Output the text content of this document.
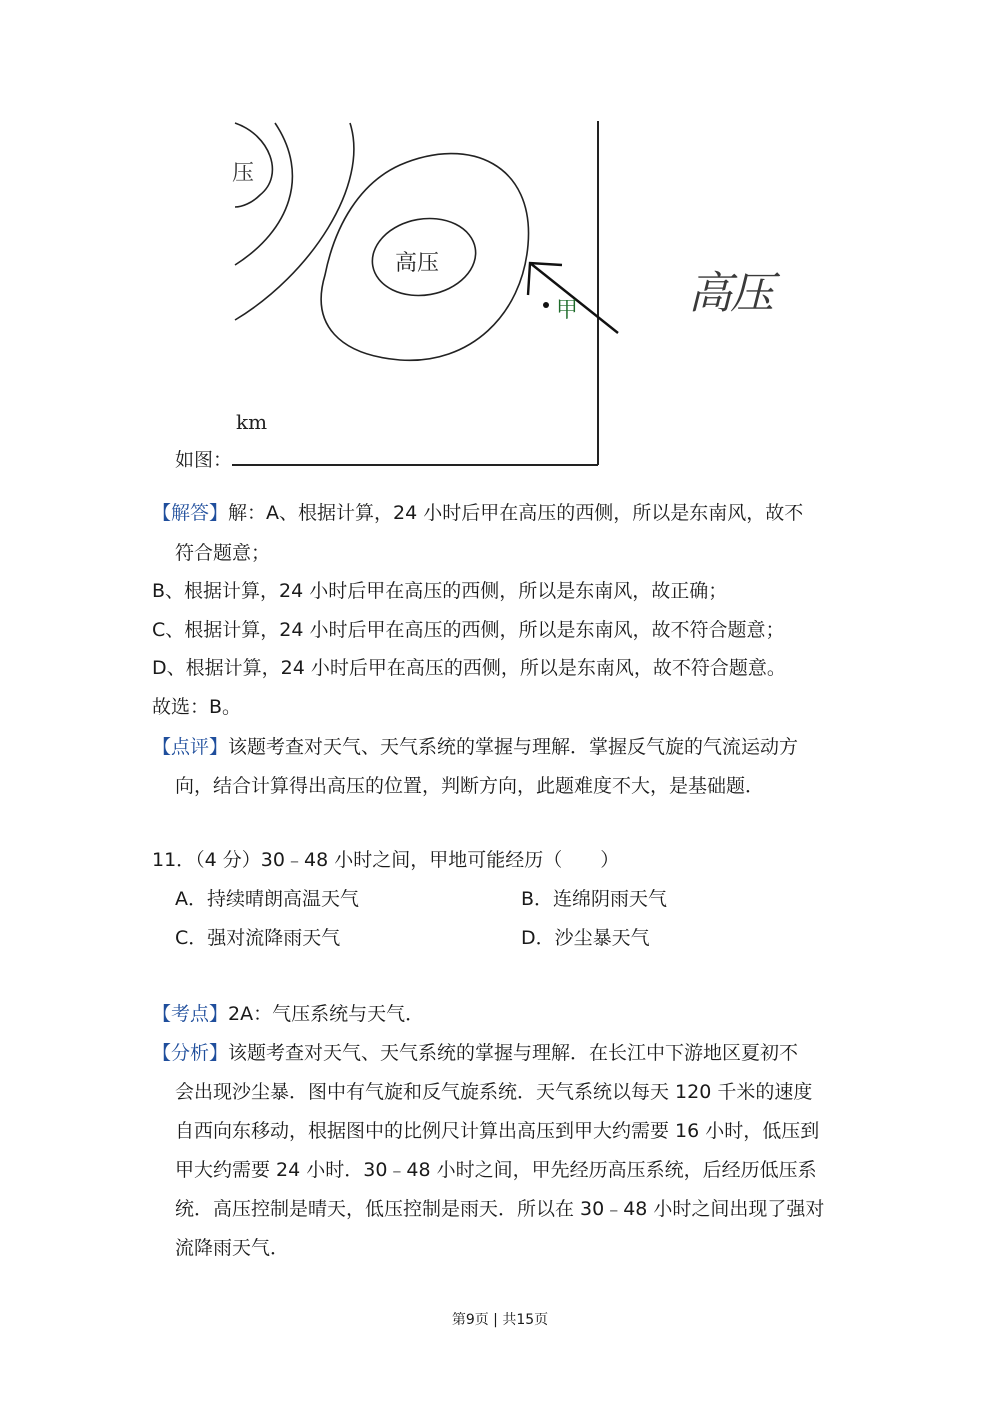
压
高压
甲
km
高压
如图：
【解答】解：A、根据计算，24 小时后甲在高压的西侧，所以是东南风，故不
符合题意；
B、根据计算，24 小时后甲在高压的西侧，所以是东南风，故正确；
C、根据计算，24 小时后甲在高压的西侧，所以是东南风，故不符合题意；
D、根据计算，24 小时后甲在高压的西侧，所以是东南风，故不符合题意。
故选：B。
【点评】该题考查对天气、天气系统的掌握与理解．掌握反气旋的气流运动方
向，结合计算得出高压的位置，判断方向，此题难度不大，是基础题．
11．（4 分）30﹣48 小时之间，甲地可能经历（　　）
A．持续晴朗高温天气	B．连绵阴雨天气
C．强对流降雨天气	D．沙尘暴天气
【考点】2A：气压系统与天气．
【分析】该题考查对天气、天气系统的掌握与理解．在长江中下游地区夏初不
会出现沙尘暴．图中有气旋和反气旋系统．天气系统以每天 120 千米的速度
自西向东移动，根据图中的比例尺计算出高压到甲大约需要 16 小时，低压到
甲大约需要 24 小时．30﹣48 小时之间，甲先经历高压系统，后经历低压系
统．高压控制是晴天，低压控制是雨天．所以在 30﹣48 小时之间出现了强对
流降雨天气．
第9页 | 共15页
